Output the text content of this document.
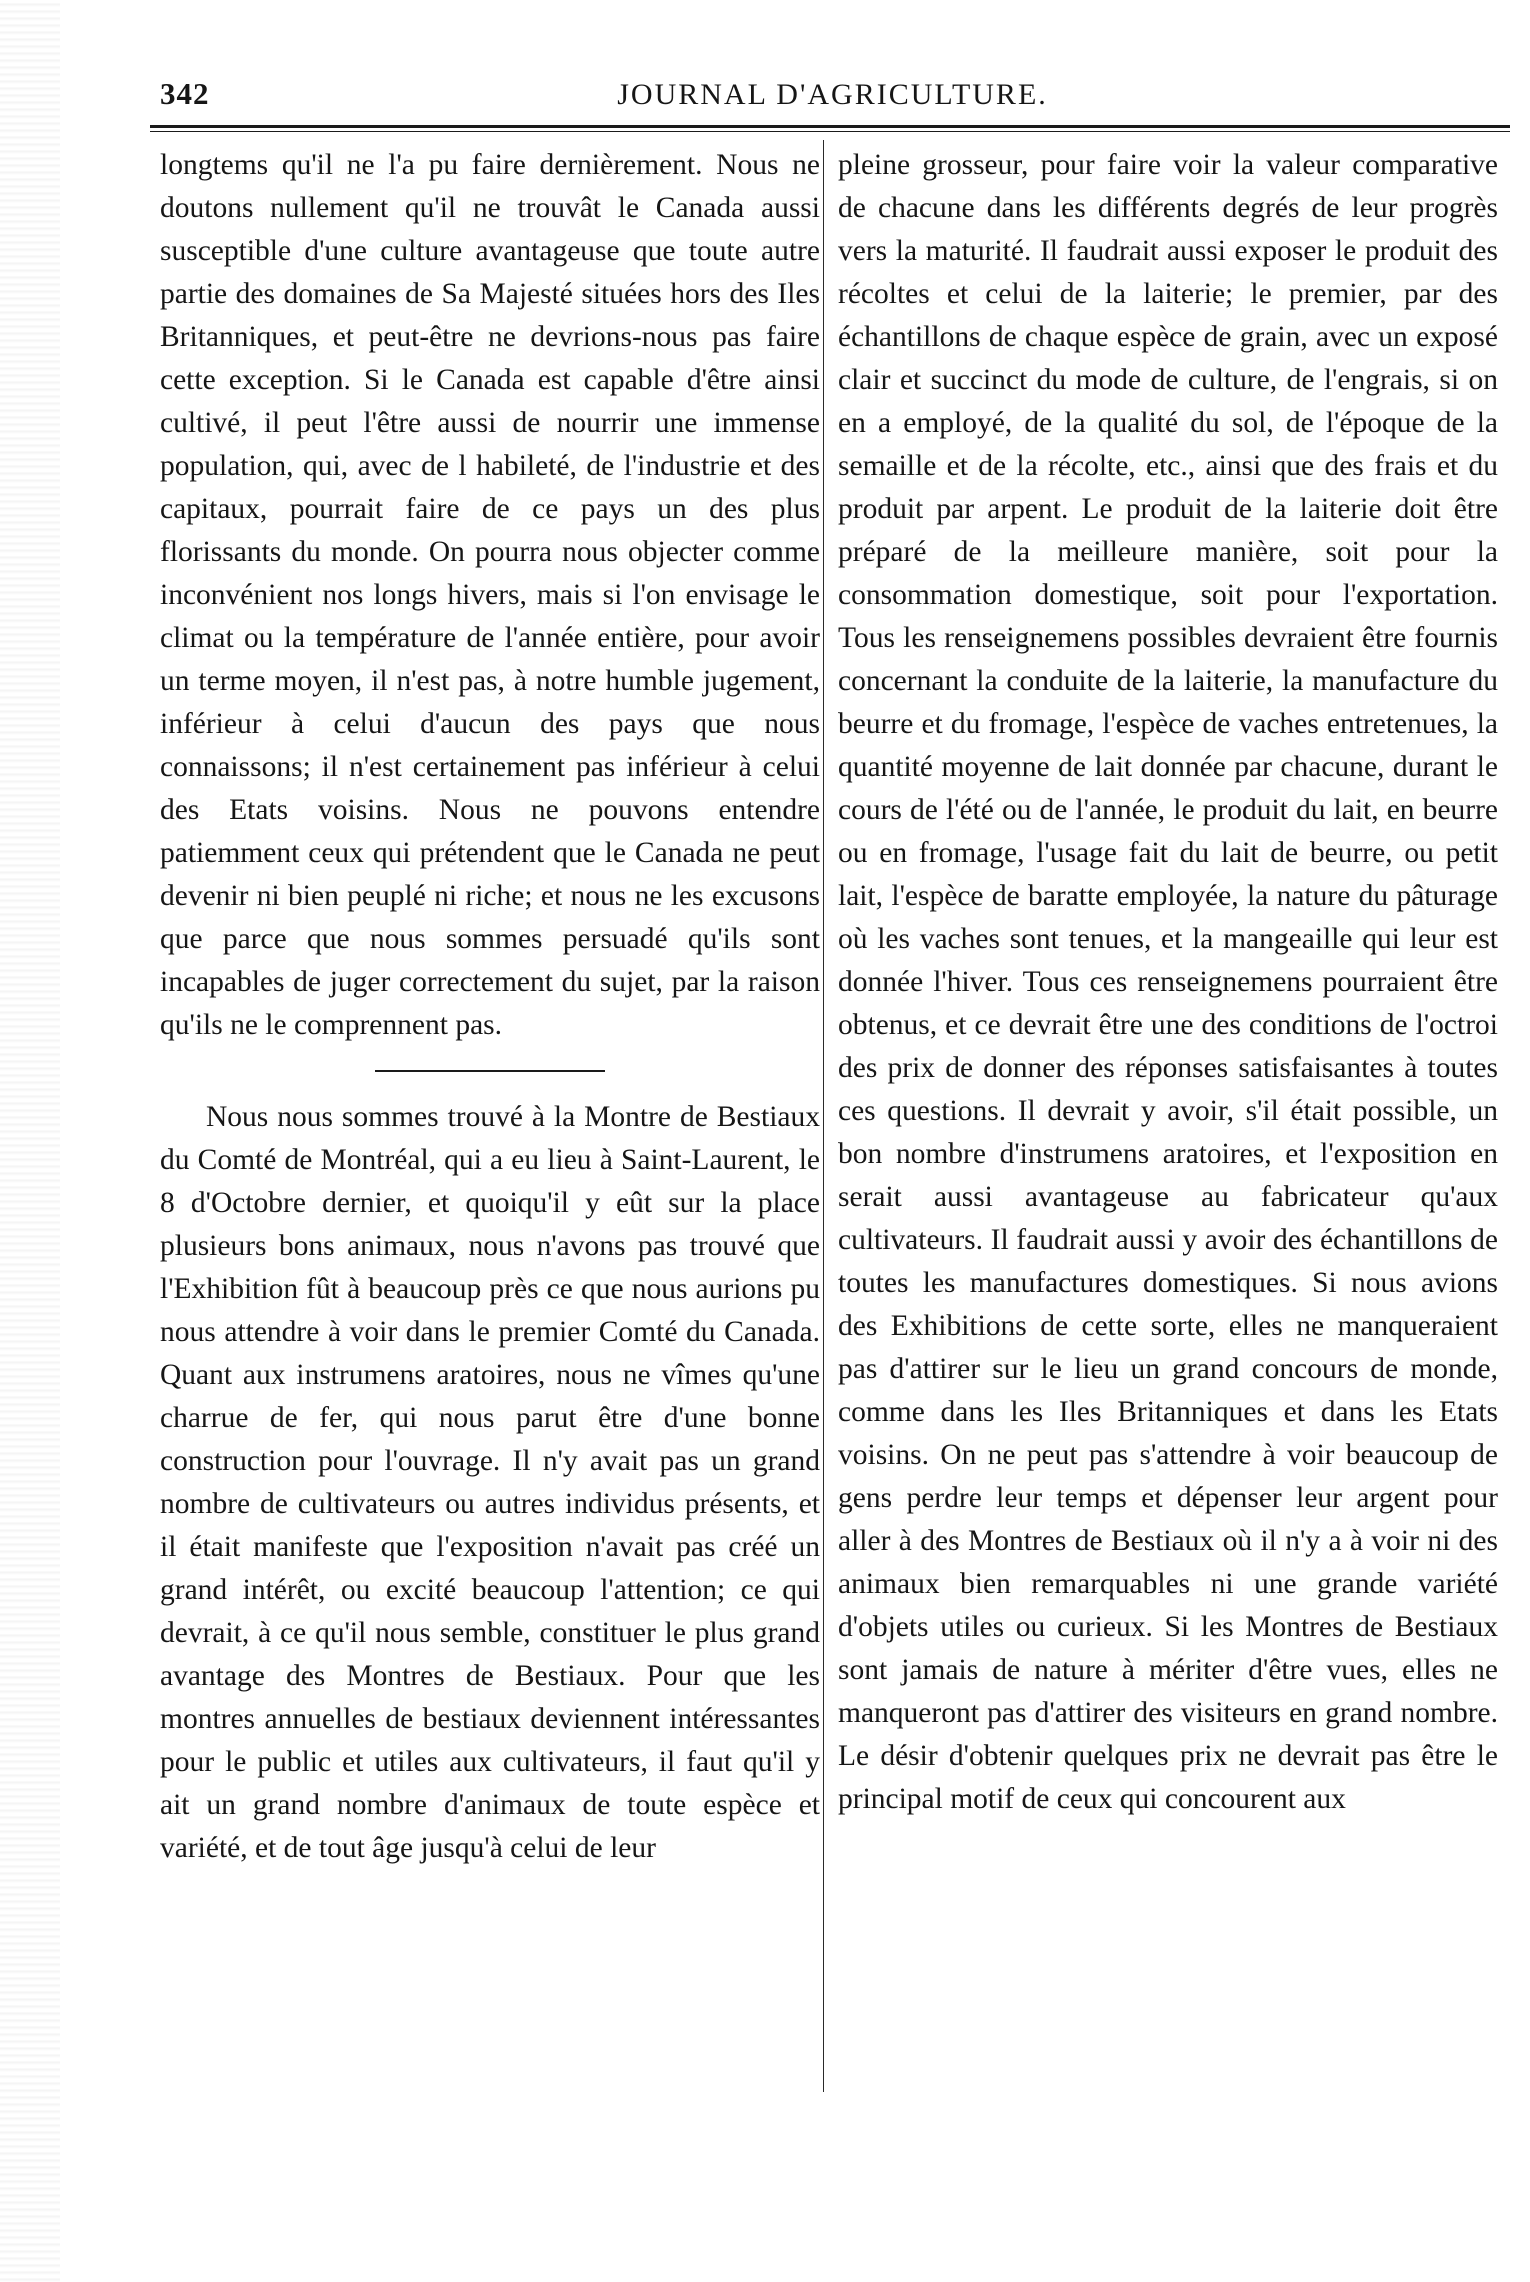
342	JOURNAL D'AGRICULTURE.

longtems qu'il ne l'a pu faire dernièrement. Nous ne doutons nullement qu'il ne trouvât le Canada aussi susceptible d'une culture avantageuse que toute autre partie des domaines de Sa Majesté situées hors des Iles Britanniques, et peut-être ne devrions-nous pas faire cette exception. Si le Canada est capable d'être ainsi cultivé, il peut l'être aussi de nourrir une immense population, qui, avec de l habileté, de l'industrie et des capitaux, pourrait faire de ce pays un des plus florissants du monde. On pourra nous objecter comme inconvénient nos longs hivers, mais si l'on envisage le climat ou la température de l'année entière, pour avoir un terme moyen, il n'est pas, à notre humble jugement, inférieur à celui d'aucun des pays que nous connaissons; il n'est certainement pas inférieur à celui des Etats voisins. Nous ne pouvons entendre patiemment ceux qui prétendent que le Canada ne peut devenir ni bien peuplé ni riche; et nous ne les excusons que parce que nous sommes persuadé qu'ils sont incapables de juger correctement du sujet, par la raison qu'ils ne le comprennent pas.

Nous nous sommes trouvé à la Montre de Bestiaux du Comté de Montréal, qui a eu lieu à Saint-Laurent, le 8 d'Octobre dernier, et quoiqu'il y eût sur la place plusieurs bons animaux, nous n'avons pas trouvé que l'Exhibition fût à beaucoup près ce que nous aurions pu nous attendre à voir dans le premier Comté du Canada. Quant aux instrumens aratoires, nous ne vîmes qu'une charrue de fer, qui nous parut être d'une bonne construction pour l'ouvrage. Il n'y avait pas un grand nombre de cultivateurs ou autres individus présents, et il était manifeste que l'exposition n'avait pas créé un grand intérêt, ou excité beaucoup l'attention; ce qui devrait, à ce qu'il nous semble, constituer le plus grand avantage des Montres de Bestiaux. Pour que les montres annuelles de bestiaux deviennent intéressantes pour le public et utiles aux cultivateurs, il faut qu'il y ait un grand nombre d'animaux de toute espèce et variété, et de tout âge jusqu'à celui de leur

pleine grosseur, pour faire voir la valeur comparative de chacune dans les différents degrés de leur progrès vers la maturité. Il faudrait aussi exposer le produit des récoltes et celui de la laiterie; le premier, par des échantillons de chaque espèce de grain, avec un exposé clair et succinct du mode de culture, de l'engrais, si on en a employé, de la qualité du sol, de l'époque de la semaille et de la récolte, etc., ainsi que des frais et du produit par arpent. Le produit de la laiterie doit être préparé de la meilleure manière, soit pour la consommation domestique, soit pour l'exportation. Tous les renseignemens possibles devraient être fournis concernant la conduite de la laiterie, la manufacture du beurre et du fromage, l'espèce de vaches entretenues, la quantité moyenne de lait donnée par chacune, durant le cours de l'été ou de l'année, le produit du lait, en beurre ou en fromage, l'usage fait du lait de beurre, ou petit lait, l'espèce de baratte employée, la nature du pâturage où les vaches sont tenues, et la mangeaille qui leur est donnée l'hiver. Tous ces renseignemens pourraient être obtenus, et ce devrait être une des conditions de l'octroi des prix de donner des réponses satisfaisantes à toutes ces questions. Il devrait y avoir, s'il était possible, un bon nombre d'instrumens aratoires, et l'exposition en serait aussi avantageuse au fabricateur qu'aux cultivateurs. Il faudrait aussi y avoir des échantillons de toutes les manufactures domestiques. Si nous avions des Exhibitions de cette sorte, elles ne manqueraient pas d'attirer sur le lieu un grand concours de monde, comme dans les Iles Britanniques et dans les Etats voisins. On ne peut pas s'attendre à voir beaucoup de gens perdre leur temps et dépenser leur argent pour aller à des Montres de Bestiaux où il n'y a à voir ni des animaux bien remarquables ni une grande variété d'objets utiles ou curieux. Si les Montres de Bestiaux sont jamais de nature à mériter d'être vues, elles ne manqueront pas d'attirer des visiteurs en grand nombre. Le désir d'obtenir quelques prix ne devrait pas être le principal motif de ceux qui concourent aux
